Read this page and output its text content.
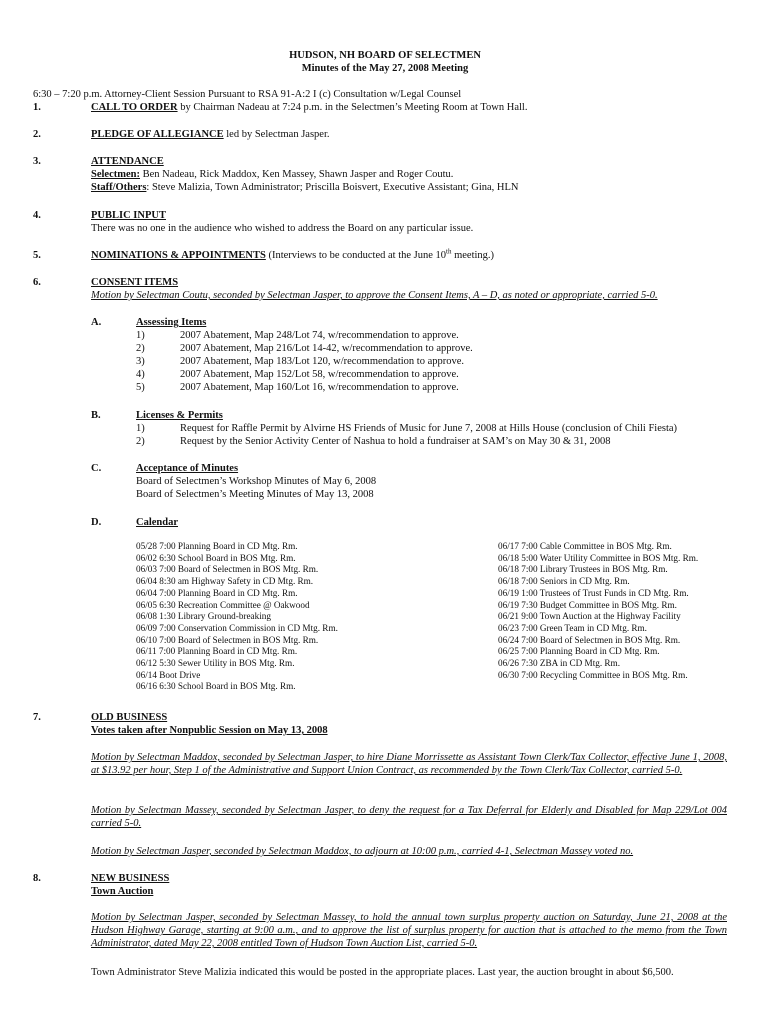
HUDSON, NH BOARD OF SELECTMEN
Minutes of the May 27, 2008 Meeting
6:30 – 7:20 p.m. Attorney-Client Session Pursuant to RSA 91-A:2 I (c) Consultation w/Legal Counsel
1.	CALL TO ORDER by Chairman Nadeau at 7:24 p.m. in the Selectmen’s Meeting Room at Town Hall.
2.	PLEDGE OF ALLEGIANCE led by Selectman Jasper.
3.	ATTENDANCE
Selectmen: Ben Nadeau, Rick Maddox, Ken Massey, Shawn Jasper and Roger Coutu.
Staff/Others: Steve Malizia, Town Administrator; Priscilla Boisvert, Executive Assistant; Gina, HLN
4.	PUBLIC INPUT
There was no one in the audience who wished to address the Board on any particular issue.
5.	NOMINATIONS & APPOINTMENTS (Interviews to be conducted at the June 10th meeting.)
6.	CONSENT ITEMS
Motion by Selectman Coutu, seconded by Selectman Jasper, to approve the Consent Items, A – D, as noted or appropriate, carried 5-0.
A.	Assessing Items
1)	2007 Abatement, Map 248/Lot 74, w/recommendation to approve.
2)	2007 Abatement, Map 216/Lot 14-42, w/recommendation to approve.
3)	2007 Abatement, Map 183/Lot 120, w/recommendation to approve.
4)	2007 Abatement, Map 152/Lot 58, w/recommendation to approve.
5)	2007 Abatement, Map 160/Lot 16, w/recommendation to approve.
B.	Licenses & Permits
1)	Request for Raffle Permit by Alvirne HS Friends of Music for June 7, 2008 at Hills House (conclusion of Chili Fiesta)
2)	Request by the Senior Activity Center of Nashua to hold a fundraiser at SAM’s on May 30 & 31, 2008
C.	Acceptance of Minutes
Board of Selectmen’s Workshop Minutes of May 6, 2008
Board of Selectmen’s Meeting Minutes of May 13, 2008
D.	Calendar
05/28 7:00 Planning Board in CD Mtg. Rm.
06/02 6:30 School Board in BOS Mtg. Rm.
06/03 7:00 Board of Selectmen in BOS Mtg. Rm.
06/04 8:30 am Highway Safety in CD Mtg. Rm.
06/04 7:00 Planning Board in CD Mtg. Rm.
06/05 6:30 Recreation Committee @ Oakwood
06/08 1:30 Library Ground-breaking
06/09 7:00 Conservation Commission in CD Mtg. Rm.
06/10 7:00 Board of Selectmen in BOS Mtg. Rm.
06/11 7:00 Planning Board in CD Mtg. Rm.
06/12 5:30 Sewer Utility in BOS Mtg. Rm.
06/14 Boot Drive
06/16 6:30 School Board in BOS Mtg. Rm.
06/17 7:00 Cable Committee in BOS Mtg. Rm.
06/18 5:00 Water Utility Committee in BOS Mtg. Rm.
06/18 7:00 Library Trustees in BOS Mtg. Rm.
06/18 7:00 Seniors in CD Mtg. Rm.
06/19 1:00 Trustees of Trust Funds in CD Mtg. Rm.
06/19 7:30 Budget Committee in BOS Mtg. Rm.
06/21 9:00 Town Auction at the Highway Facility
06/23 7:00 Green Team in CD Mtg. Rm.
06/24 7:00 Board of Selectmen in BOS Mtg. Rm.
06/25 7:00 Planning Board in CD Mtg. Rm.
06/26 7:30 ZBA in CD Mtg. Rm.
06/30 7:00 Recycling Committee in BOS Mtg. Rm.
7.	OLD BUSINESS
Votes taken after Nonpublic Session on May 13, 2008
Motion by Selectman Maddox, seconded by Selectman Jasper, to hire Diane Morrissette as Assistant Town Clerk/Tax Collector, effective June 1, 2008, at $13.92 per hour, Step 1 of the Administrative and Support Union Contract, as recommended by the Town Clerk/Tax Collector, carried 5-0.
Motion by Selectman Massey, seconded by Selectman Jasper, to deny the request for a Tax Deferral for Elderly and Disabled for Map 229/Lot 004 carried 5-0.
Motion by Selectman Jasper, seconded by Selectman Maddox, to adjourn at 10:00 p.m., carried 4-1, Selectman Massey voted no.
8.	NEW BUSINESS
Town Auction
Motion by Selectman Jasper, seconded by Selectman Massey, to hold the annual town surplus property auction on Saturday, June 21, 2008 at the Hudson Highway Garage, starting at 9:00 a.m., and to approve the list of surplus property for auction that is attached to the memo from the Town Administrator, dated May 22, 2008 entitled Town of Hudson Town Auction List, carried 5-0.
Town Administrator Steve Malizia indicated this would be posted in the appropriate places. Last year, the auction brought in about $6,500.
